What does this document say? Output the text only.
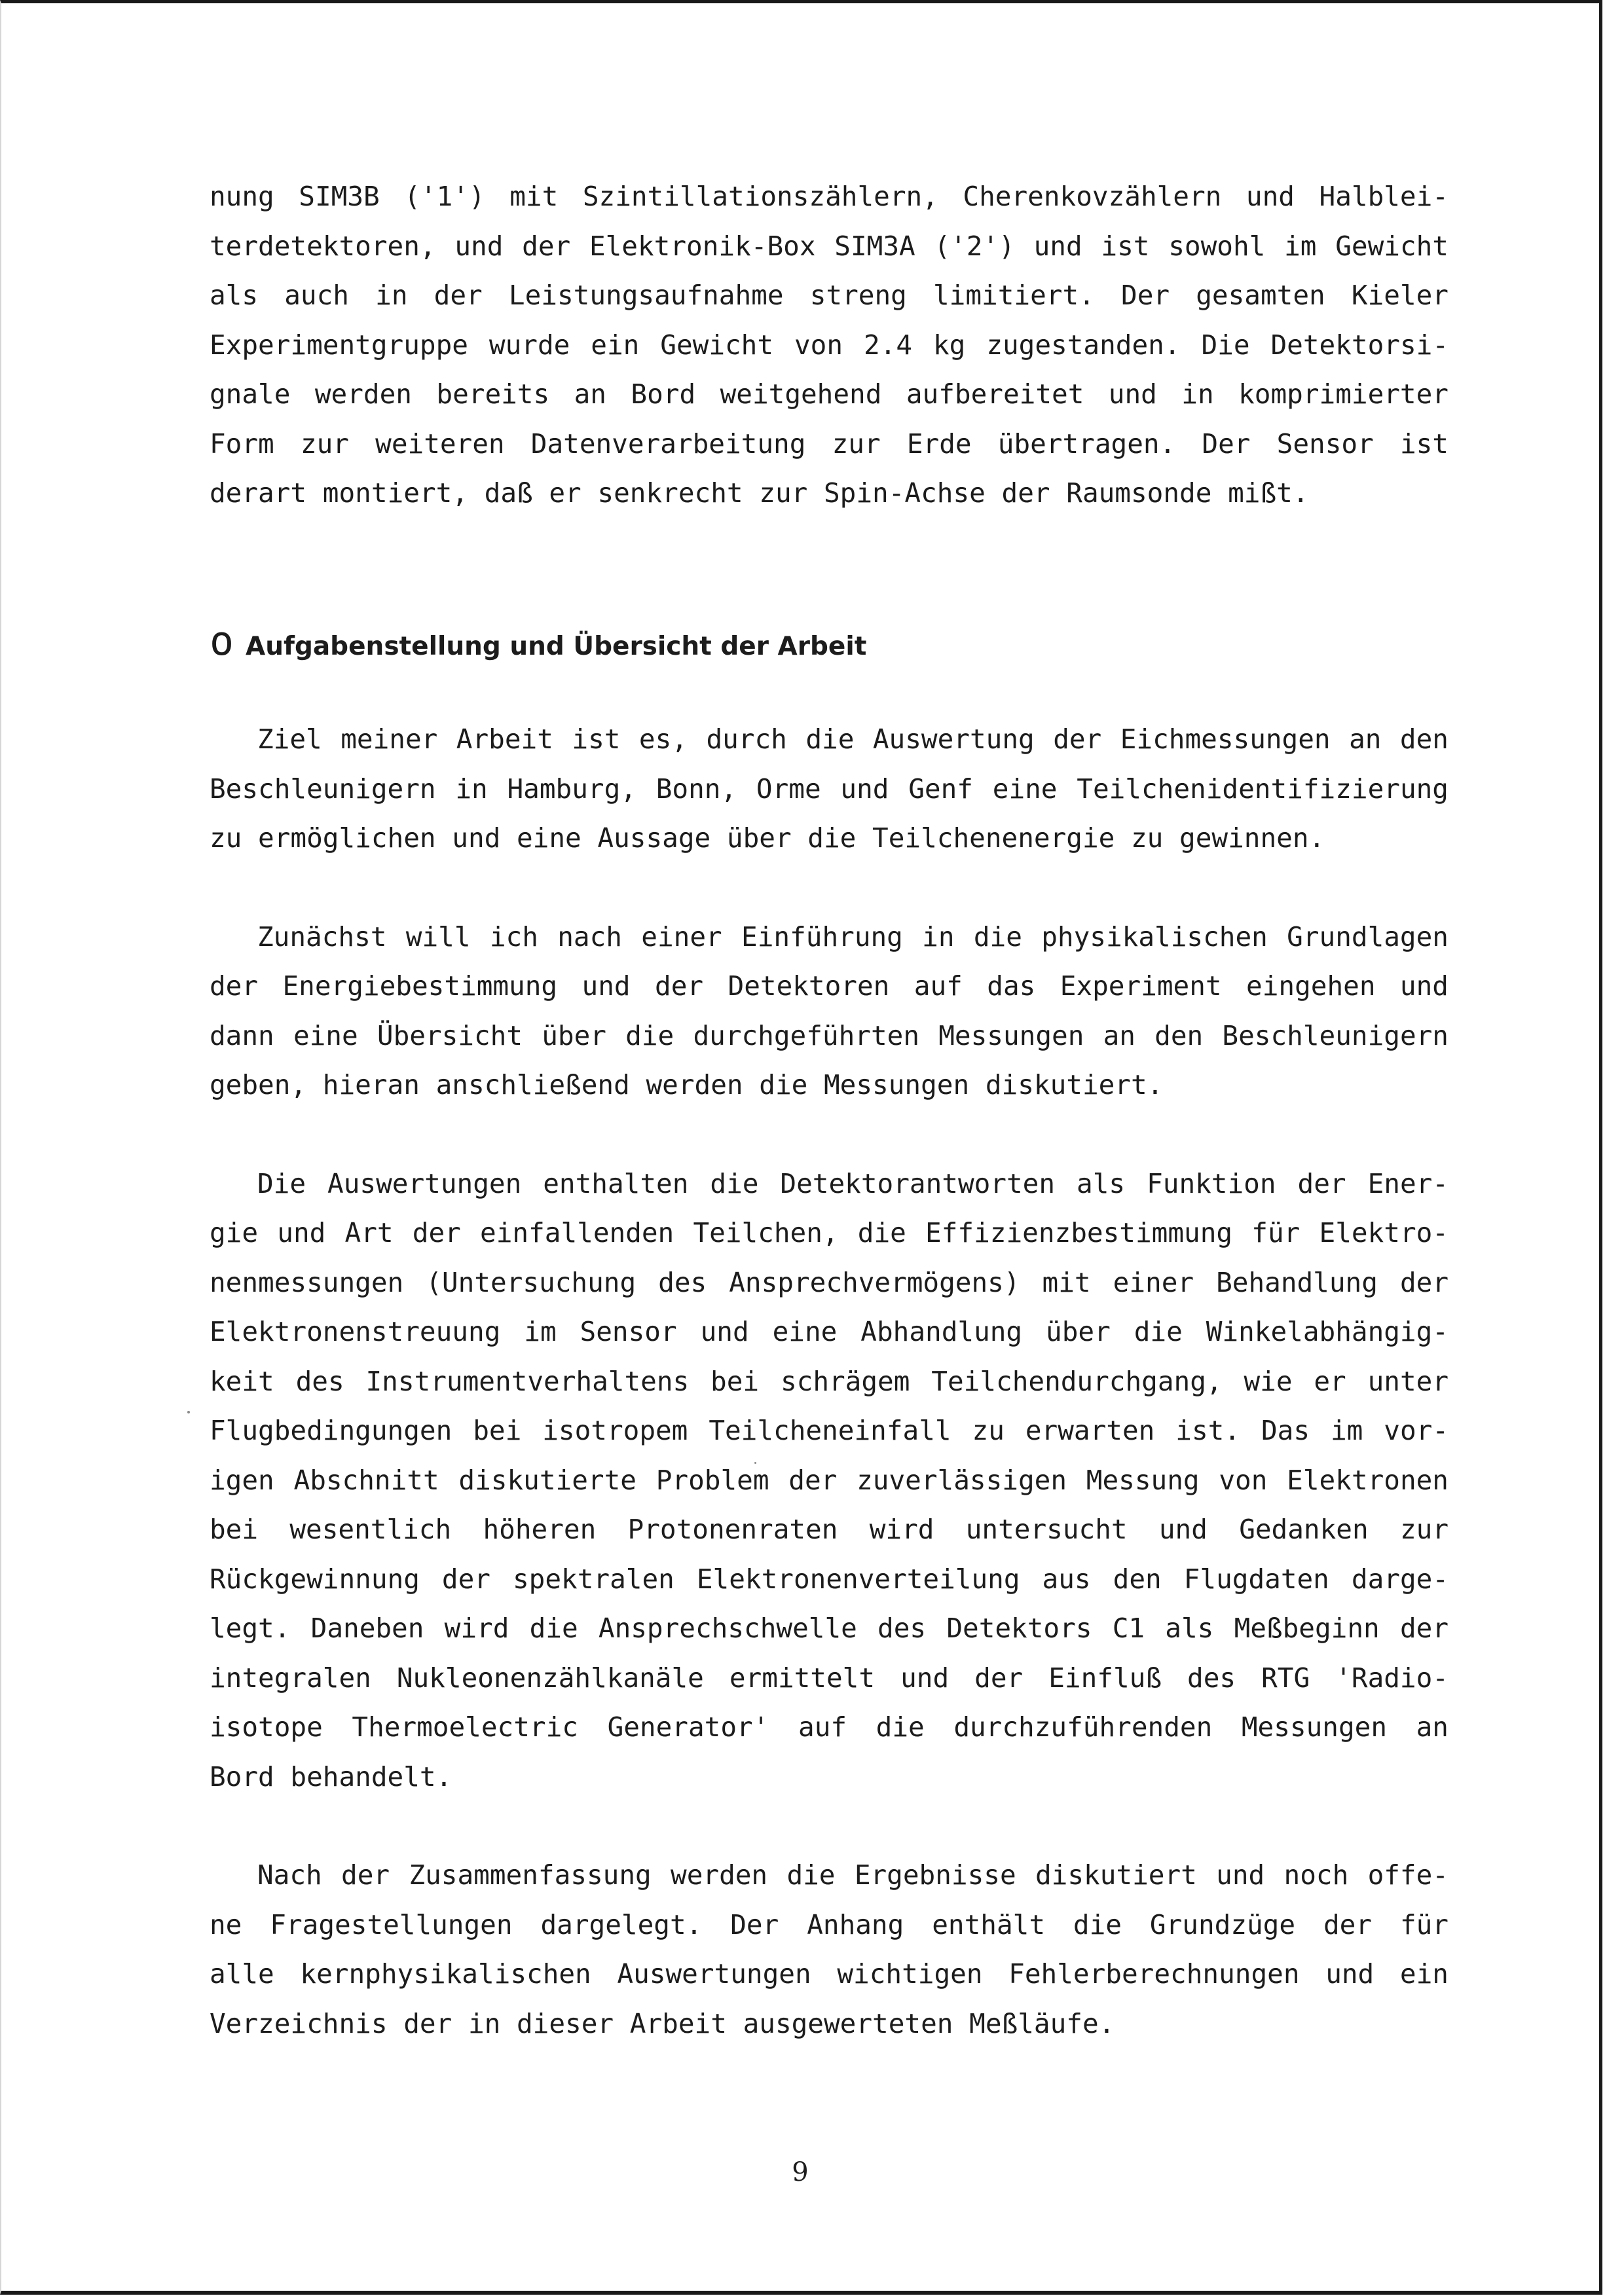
nung SIM3B ('1') mit Szintillationszählern, Cherenkovzählern und Halblei-
terdetektoren, und der Elektronik-Box SIM3A ('2') und ist sowohl im Gewicht
als auch in der Leistungsaufnahme streng limitiert. Der gesamten Kieler
Experimentgruppe wurde ein Gewicht von 2.4 kg zugestanden. Die Detektorsi-
gnale werden bereits an Bord weitgehend aufbereitet und in komprimierter
Form zur weiteren Datenverarbeitung zur Erde übertragen. Der Sensor ist
derart montiert, daß er senkrecht zur Spin-Achse der Raumsonde mißt.

o Aufgabenstellung und Übersicht der Arbeit

Ziel meiner Arbeit ist es, durch die Auswertung der Eichmessungen an den
Beschleunigern in Hamburg, Bonn, Orme und Genf eine Teilchenidentifizierung
zu ermöglichen und eine Aussage über die Teilchenenergie zu gewinnen.

Zunächst will ich nach einer Einführung in die physikalischen Grundlagen
der Energiebestimmung und der Detektoren auf das Experiment eingehen und
dann eine Übersicht über die durchgeführten Messungen an den Beschleunigern
geben, hieran anschließend werden die Messungen diskutiert.

Die Auswertungen enthalten die Detektorantworten als Funktion der Ener-
gie und Art der einfallenden Teilchen, die Effizienzbestimmung für Elektro-
nenmessungen (Untersuchung des Ansprechvermögens) mit einer Behandlung der
Elektronenstreuung im Sensor und eine Abhandlung über die Winkelabhängig-
keit des Instrumentverhaltens bei schrägem Teilchendurchgang, wie er unter
Flugbedingungen bei isotropem Teilcheneinfall zu erwarten ist. Das im vor-
igen Abschnitt diskutierte Problem der zuverlässigen Messung von Elektronen
bei wesentlich höheren Protonenraten wird untersucht und Gedanken zur
Rückgewinnung der spektralen Elektronenverteilung aus den Flugdaten darge-
legt. Daneben wird die Ansprechschwelle des Detektors C1 als Meßbeginn der
integralen Nukleonenzählkanäle ermittelt und der Einfluß des RTG 'Radio-
isotope Thermoelectric Generator' auf die durchzuführenden Messungen an
Bord behandelt.

Nach der Zusammenfassung werden die Ergebnisse diskutiert und noch offe-
ne Fragestellungen dargelegt. Der Anhang enthält die Grundzüge der für
alle kernphysikalischen Auswertungen wichtigen Fehlerberechnungen und ein
Verzeichnis der in dieser Arbeit ausgewerteten Meßläufe.

9
